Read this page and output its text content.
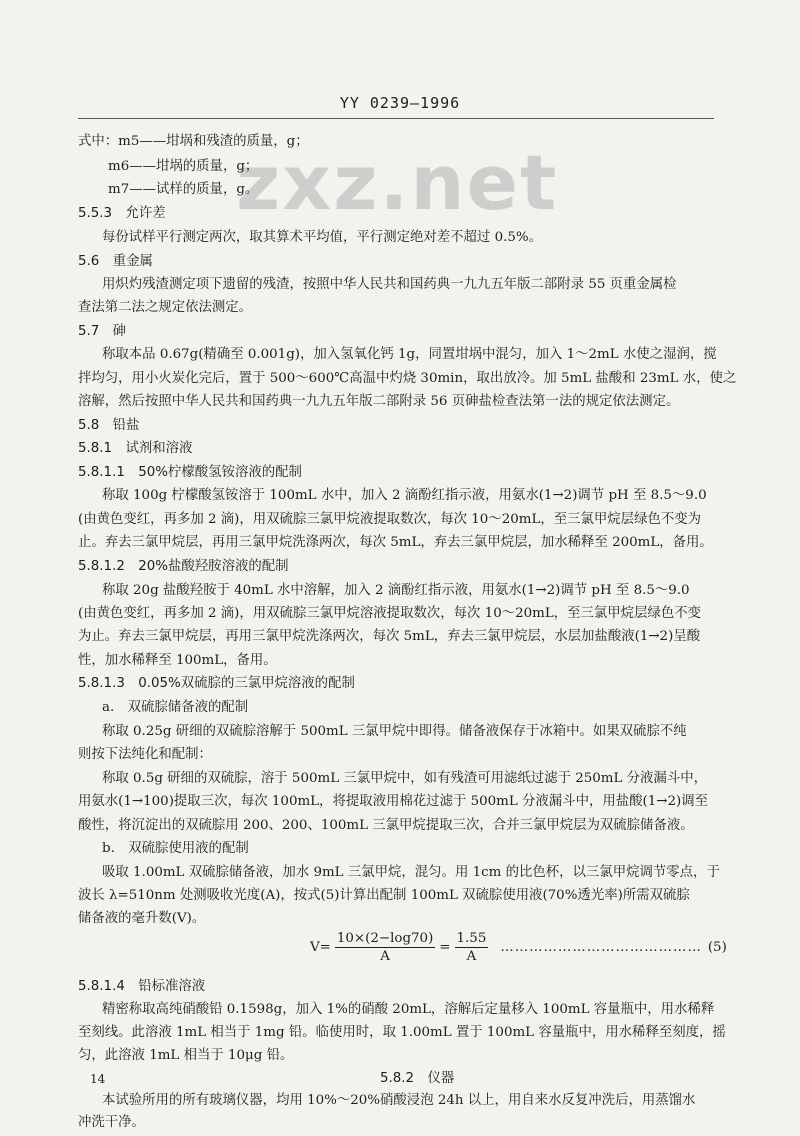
YY 0239—1996
zxz.net
式中：m5——坩埚和残渣的质量，g；
m6——坩埚的质量，g；
m7——试样的质量，g。
5.5.3　允许差
每份试样平行测定两次，取其算术平均值，平行测定绝对差不超过 0.5%。
5.6　重金属
用炽灼残渣测定项下遗留的残渣，按照中华人民共和国药典一九九五年版二部附录 55 页重金属检
查法第二法之规定依法测定。
5.7　砷
称取本品 0.67g(精确至 0.001g)，加入氢氧化钙 1g，同置坩埚中混匀，加入 1～2mL 水使之湿润，搅
拌均匀，用小火炭化完后，置于 500～600℃高温中灼烧 30min，取出放冷。加 5mL 盐酸和 23mL 水，使之
溶解，然后按照中华人民共和国药典一九九五年版二部附录 56 页砷盐检查法第一法的规定依法测定。
5.8　铅盐
5.8.1　试剂和溶液
5.8.1.1　50%柠檬酸氢铵溶液的配制
称取 100g 柠檬酸氢铵溶于 100mL 水中，加入 2 滴酚红指示液，用氨水(1→2)调节 pH 至 8.5～9.0
(由黄色变红，再多加 2 滴)，用双硫腙三氯甲烷液提取数次，每次 10～20mL，至三氯甲烷层绿色不变为
止。弃去三氯甲烷层，再用三氯甲烷洗涤两次，每次 5mL，弃去三氯甲烷层，加水稀释至 200mL，备用。
5.8.1.2　20%盐酸羟胺溶液的配制
称取 20g 盐酸羟胺于 40mL 水中溶解，加入 2 滴酚红指示液，用氨水(1→2)调节 pH 至 8.5～9.0
(由黄色变红，再多加 2 滴)，用双硫腙三氯甲烷溶液提取数次，每次 10～20mL，至三氯甲烷层绿色不变
为止。弃去三氯甲烷层，再用三氯甲烷洗涤两次，每次 5mL，弃去三氯甲烷层，水层加盐酸液(1→2)呈酸
性，加水稀释至 100mL，备用。
5.8.1.3　0.05%双硫腙的三氯甲烷溶液的配制
a.　双硫腙储备液的配制
称取 0.25g 研细的双硫腙溶解于 500mL 三氯甲烷中即得。储备液保存于冰箱中。如果双硫腙不纯
则按下法纯化和配制：
称取 0.5g 研细的双硫腙，溶于 500mL 三氯甲烷中，如有残渣可用滤纸过滤于 250mL 分液漏斗中，
用氨水(1→100)提取三次，每次 100mL，将提取液用棉花过滤于 500mL 分液漏斗中，用盐酸(1→2)调至
酸性，将沉淀出的双硫腙用 200、200、100mL 三氯甲烷提取三次，合并三氯甲烷层为双硫腙储备液。
b.　双硫腙使用液的配制
吸取 1.00mL 双硫腙储备液，加水 9mL 三氯甲烷，混匀。用 1cm 的比色杯，以三氯甲烷调节零点，于
波长 λ=510nm 处测吸收光度(A)，按式(5)计算出配制 100mL 双硫腙使用液(70%透光率)所需双硫腙
储备液的毫升数(V)。
$V= \frac{10\times(2-\log 70)}{A} = \frac{1.55}{A}$ …………………………………… (5)
5.8.1.4　铅标准溶液
精密称取高纯硝酸铅 0.1598g，加入 1%的硝酸 20mL，溶解后定量移入 100mL 容量瓶中，用水稀释
至刻线。此溶液 1mL 相当于 1mg 铅。临使用时，取 1.00mL 置于 100mL 容量瓶中，用水稀释至刻度，摇
匀，此溶液 1mL 相当于 10μg 铅。
5.8.2　仪器
本试验所用的所有玻璃仪器，均用 10%～20%硝酸浸泡 24h 以上，用自来水反复冲洗后，用蒸馏水
冲洗干净。
14
